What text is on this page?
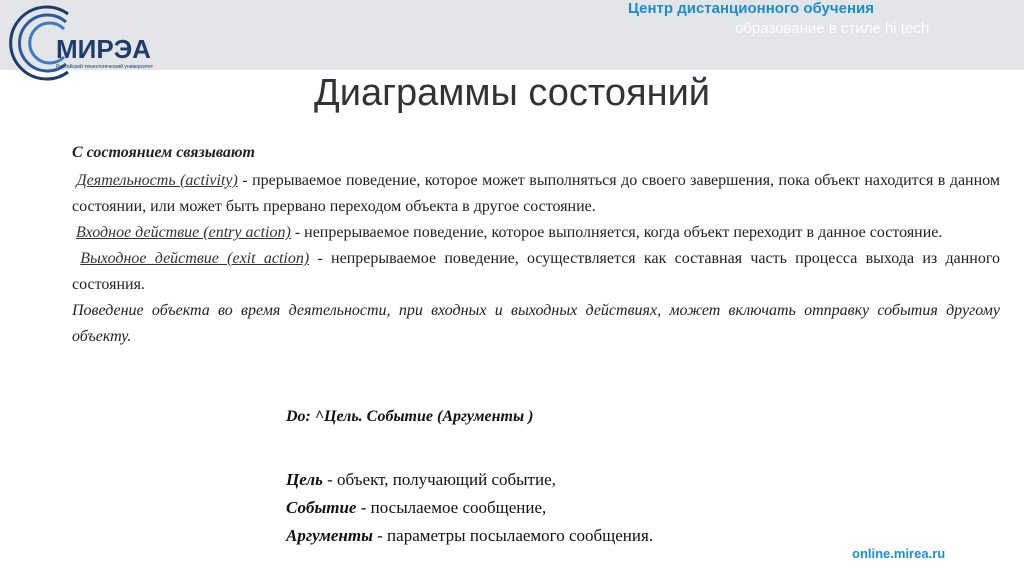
МИРЭА
Российский технологический университет
Центр дистанционного обучения
образование в стиле hi tech
Диаграммы состояний

С состоянием связывают

Деятельность (activity) - прерываемое поведение, которое может выполняться до своего завершения, пока объект находится в данном состоянии, или может быть прервано переходом объекта в другое состояние.

Входное действие (entry action) - непрерываемое поведение, которое выполняется, когда объект переходит в данное состояние.

Выходное действие (exit action) - непрерываемое поведение, осуществляется как составная часть процесса выхода из данного состояния.

Поведение объекта во время деятельности, при входных и выходных действиях, может включать отправку события другому объекту.

Do: ^Цель. Событие (Аргументы )
Цель - объект, получающий событие,
Событие - посылаемое сообщение,
Аргументы - параметры посылаемого сообщения.
online.mirea.ru
